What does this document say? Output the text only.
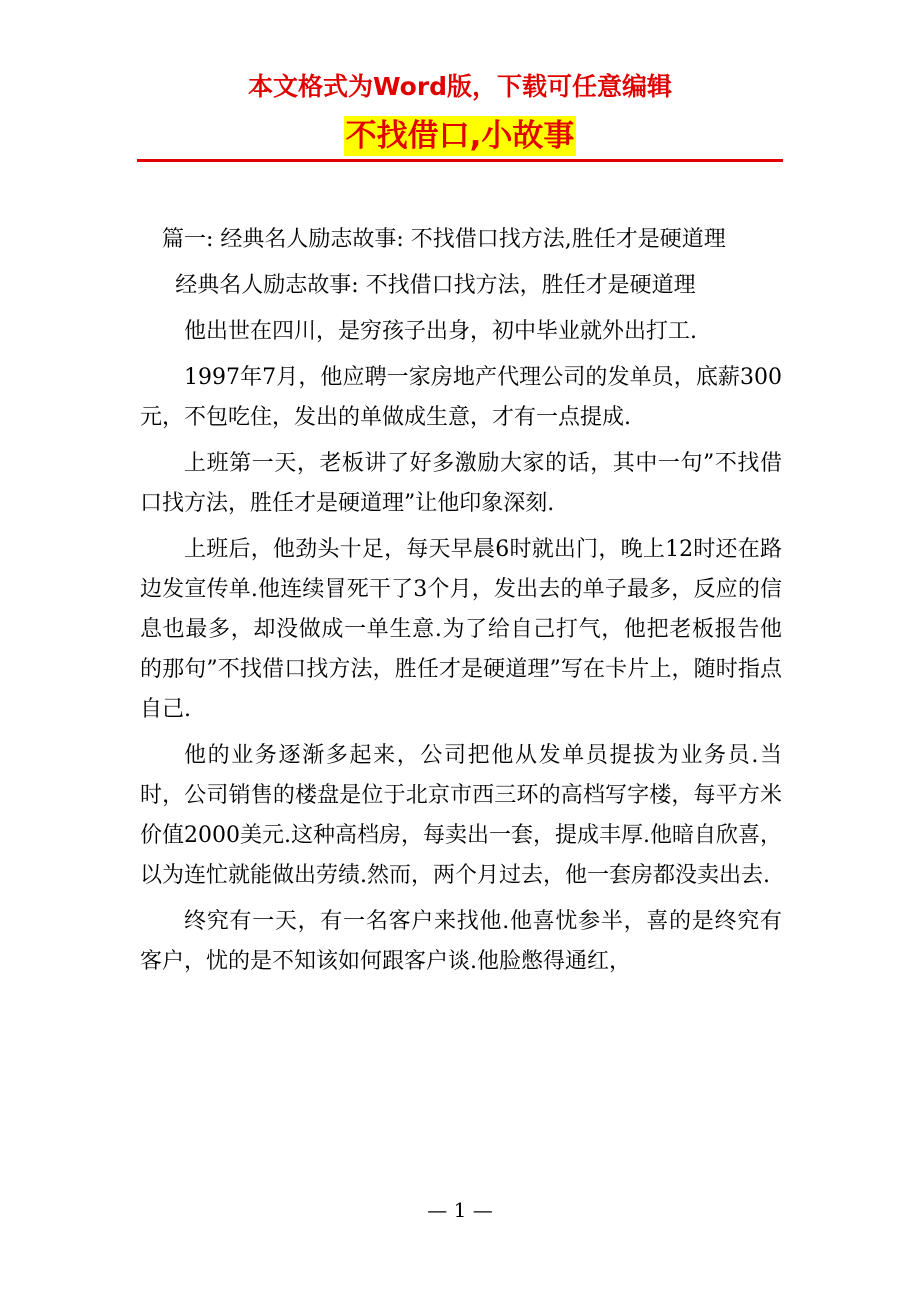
本文格式为Word版，下载可任意编辑
不找借口,小故事

篇一: 经典名人励志故事: 不找借口找方法,胜任才是硬道理

经典名人励志故事: 不找借口找方法，胜任才是硬道理

他出世在四川，是穷孩子出身，初中毕业就外出打工.

1997年7月，他应聘一家房地产代理公司的发单员，底薪300元，不包吃住，发出的单做成生意，才有一点提成.

上班第一天，老板讲了好多激励大家的话，其中一句”不找借口找方法，胜任才是硬道理”让他印象深刻.

上班后，他劲头十足，每天早晨6时就出门，晚上12时还在路边发宣传单.他连续冒死干了3个月，发出去的单子最多，反应的信息也最多，却没做成一单生意.为了给自己打气，他把老板报告他的那句”不找借口找方法，胜任才是硬道理”写在卡片上，随时指点自己.

他的业务逐渐多起来，公司把他从发单员提拔为业务员.当时，公司销售的楼盘是位于北京市西三环的高档写字楼，每平方米价值2000美元.这种高档房，每卖出一套，提成丰厚.他暗自欣喜，以为连忙就能做出劳绩.然而，两个月过去，他一套房都没卖出去.

终究有一天，有一名客户来找他.他喜忧参半，喜的是终究有客户，忧的是不知该如何跟客户谈.他脸憋得通红，

— 1 —
